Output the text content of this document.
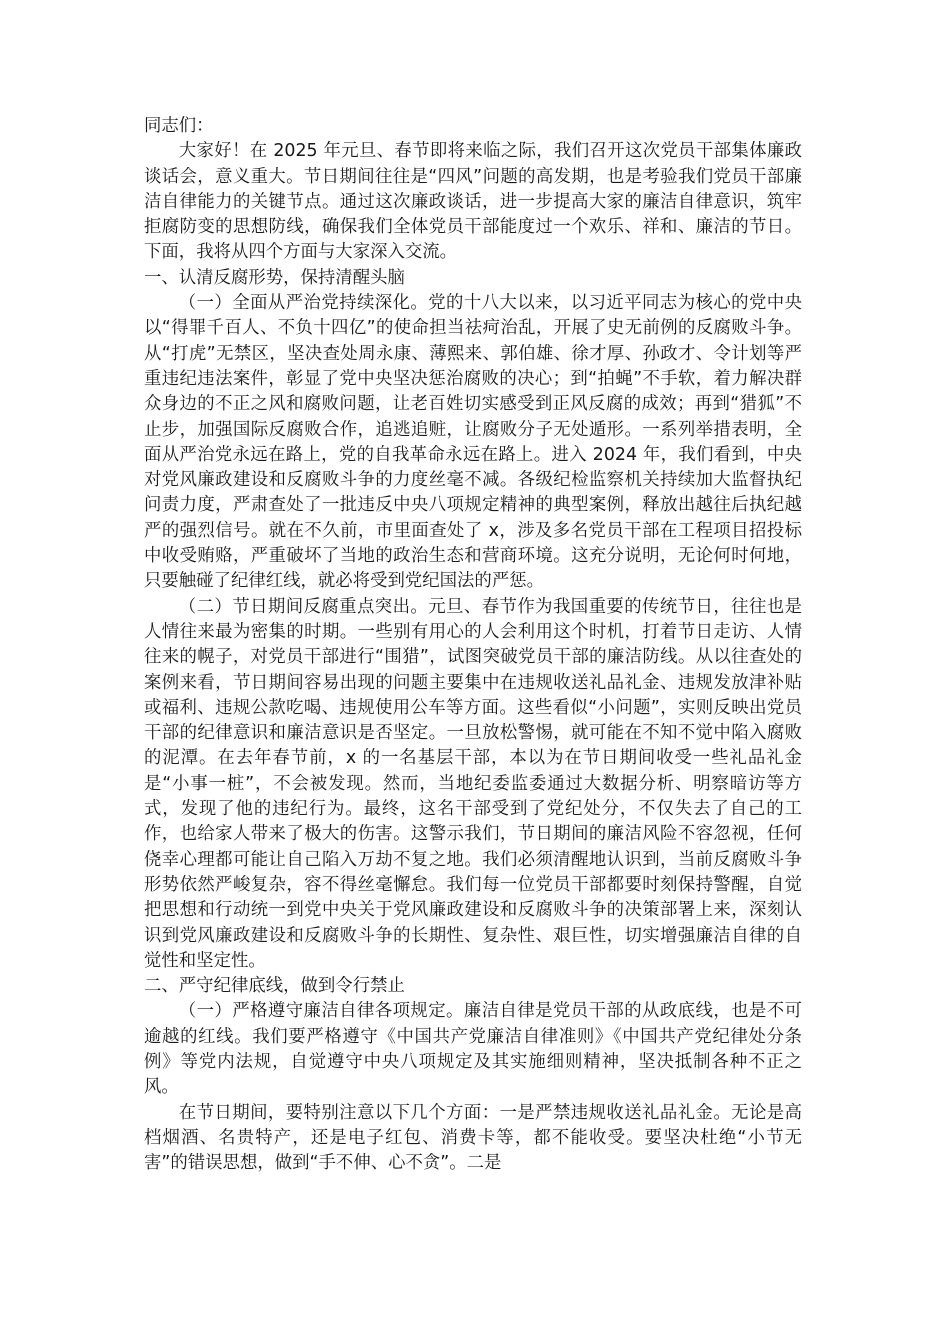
同志们：

大家好！在 2025 年元旦、春节即将来临之际，我们召开这次党员干部集体廉政谈话会，意义重大。节日期间往往是“四风”问题的高发期，也是考验我们党员干部廉洁自律能力的关键节点。通过这次廉政谈话，进一步提高大家的廉洁自律意识，筑牢拒腐防变的思想防线，确保我们全体党员干部能度过一个欢乐、祥和、廉洁的节日。下面，我将从四个方面与大家深入交流。

一、认清反腐形势，保持清醒头脑

（一）全面从严治党持续深化。党的十八大以来，以习近平同志为核心的党中央以“得罪千百人、不负十四亿”的使命担当祛疴治乱，开展了史无前例的反腐败斗争。从“打虎”无禁区，坚决查处周永康、薄熙来、郭伯雄、徐才厚、孙政才、令计划等严重违纪违法案件，彰显了党中央坚决惩治腐败的决心；到“拍蝇”不手软，着力解决群众身边的不正之风和腐败问题，让老百姓切实感受到正风反腐的成效；再到“猎狐”不止步，加强国际反腐败合作，追逃追赃，让腐败分子无处遁形。一系列举措表明，全面从严治党永远在路上，党的自我革命永远在路上。进入 2024 年，我们看到，中央对党风廉政建设和反腐败斗争的力度丝毫不减。各级纪检监察机关持续加大监督执纪问责力度，严肃查处了一批违反中央八项规定精神的典型案例，释放出越往后执纪越严的强烈信号。就在不久前，市里面查处了 x，涉及多名党员干部在工程项目招投标中收受贿赂，严重破坏了当地的政治生态和营商环境。这充分说明，无论何时何地，只要触碰了纪律红线，就必将受到党纪国法的严惩。

（二）节日期间反腐重点突出。元旦、春节作为我国重要的传统节日，往往也是人情往来最为密集的时期。一些别有用心的人会利用这个时机，打着节日走访、人情往来的幌子，对党员干部进行“围猎”，试图突破党员干部的廉洁防线。从以往查处的案例来看，节日期间容易出现的问题主要集中在违规收送礼品礼金、违规发放津补贴或福利、违规公款吃喝、违规使用公车等方面。这些看似“小问题”，实则反映出党员干部的纪律意识和廉洁意识是否坚定。一旦放松警惕，就可能在不知不觉中陷入腐败的泥潭。在去年春节前，x 的一名基层干部，本以为在节日期间收受一些礼品礼金是“小事一桩”，不会被发现。然而，当地纪委监委通过大数据分析、明察暗访等方式，发现了他的违纪行为。最终，这名干部受到了党纪处分，不仅失去了自己的工作，也给家人带来了极大的伤害。这警示我们，节日期间的廉洁风险不容忽视，任何侥幸心理都可能让自己陷入万劫不复之地。我们必须清醒地认识到，当前反腐败斗争形势依然严峻复杂，容不得丝毫懈怠。我们每一位党员干部都要时刻保持警醒，自觉把思想和行动统一到党中央关于党风廉政建设和反腐败斗争的决策部署上来，深刻认识到党风廉政建设和反腐败斗争的长期性、复杂性、艰巨性，切实增强廉洁自律的自觉性和坚定性。

二、严守纪律底线，做到令行禁止

（一）严格遵守廉洁自律各项规定。廉洁自律是党员干部的从政底线，也是不可逾越的红线。我们要严格遵守《中国共产党廉洁自律准则》《中国共产党纪律处分条例》等党内法规，自觉遵守中央八项规定及其实施细则精神，坚决抵制各种不正之风。

在节日期间，要特别注意以下几个方面：一是严禁违规收送礼品礼金。无论是高档烟酒、名贵特产，还是电子红包、消费卡等，都不能收受。要坚决杜绝“小节无害”的错误思想，做到“手不伸、心不贪”。二是
